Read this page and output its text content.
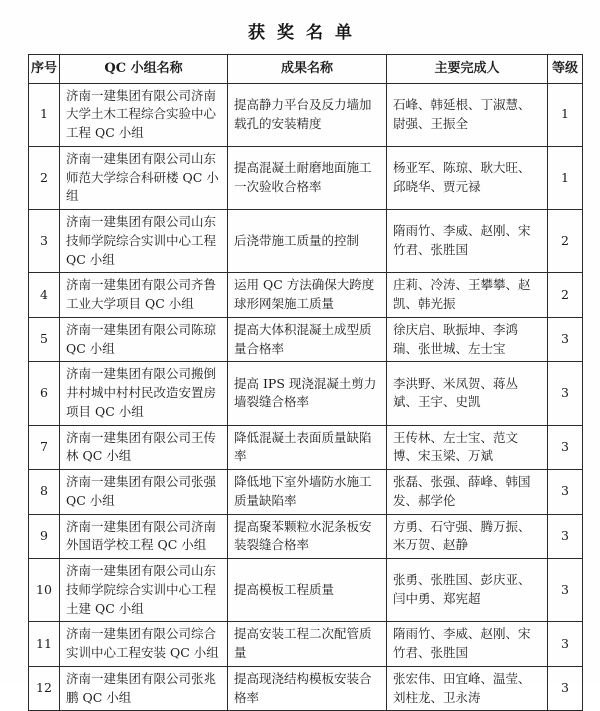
获奖名单
序号	QC 小组名称	成果名称	主要完成人	等级
1	济南一建集团有限公司济南大学土木工程综合实验中心工程 QC 小组	提高静力平台及反力墙加载孔的安装精度	石峰、韩延根、丁淑慧、尉强、王振全	1
2	济南一建集团有限公司山东师范大学综合科研楼 QC 小组	提高混凝土耐磨地面施工一次验收合格率	杨亚军、陈琼、耿大旺、邱晓华、贾元禄	1
3	济南一建集团有限公司山东技师学院综合实训中心工程 QC 小组	后浇带施工质量的控制	隋雨竹、李威、赵刚、宋竹君、张胜国	2
4	济南一建集团有限公司齐鲁工业大学项目 QC 小组	运用 QC 方法确保大跨度球形网架施工质量	庄莉、冷涛、王攀攀、赵凯、韩光振	2
5	济南一建集团有限公司陈琼 QC 小组	提高大体积混凝土成型质量合格率	徐庆启、耿振坤、李鸿瑞、张世城、左士宝	3
6	济南一建集团有限公司搬倒井村城中村村民改造安置房项目 QC 小组	提高 IPS 现浇混凝土剪力墙裂缝合格率	李洪野、米凤贺、蒋丛斌、王宇、史凯	3
7	济南一建集团有限公司王传林 QC 小组	降低混凝土表面质量缺陷率	王传林、左士宝、范文博、宋玉梁、万斌	3
8	济南一建集团有限公司张强 QC 小组	降低地下室外墙防水施工质量缺陷率	张磊、张强、薛峰、韩国发、郝学伦	3
9	济南一建集团有限公司济南外国语学校工程 QC 小组	提高聚苯颗粒水泥条板安装裂缝合格率	方勇、石守强、腾万振、米万贺、赵静	3
10	济南一建集团有限公司山东技师学院综合实训中心工程土建 QC 小组	提高模板工程质量	张勇、张胜国、彭庆亚、闫中勇、郑宪超	3
11	济南一建集团有限公司综合实训中心工程安装 QC 小组	提高安装工程二次配管质量	隋雨竹、李威、赵刚、宋竹君、张胜国	3
12	济南一建集团有限公司张兆鹏 QC 小组	提高现浇结构模板安装合格率	张宏伟、田宜峰、温莹、刘柱龙、卫永涛	3
